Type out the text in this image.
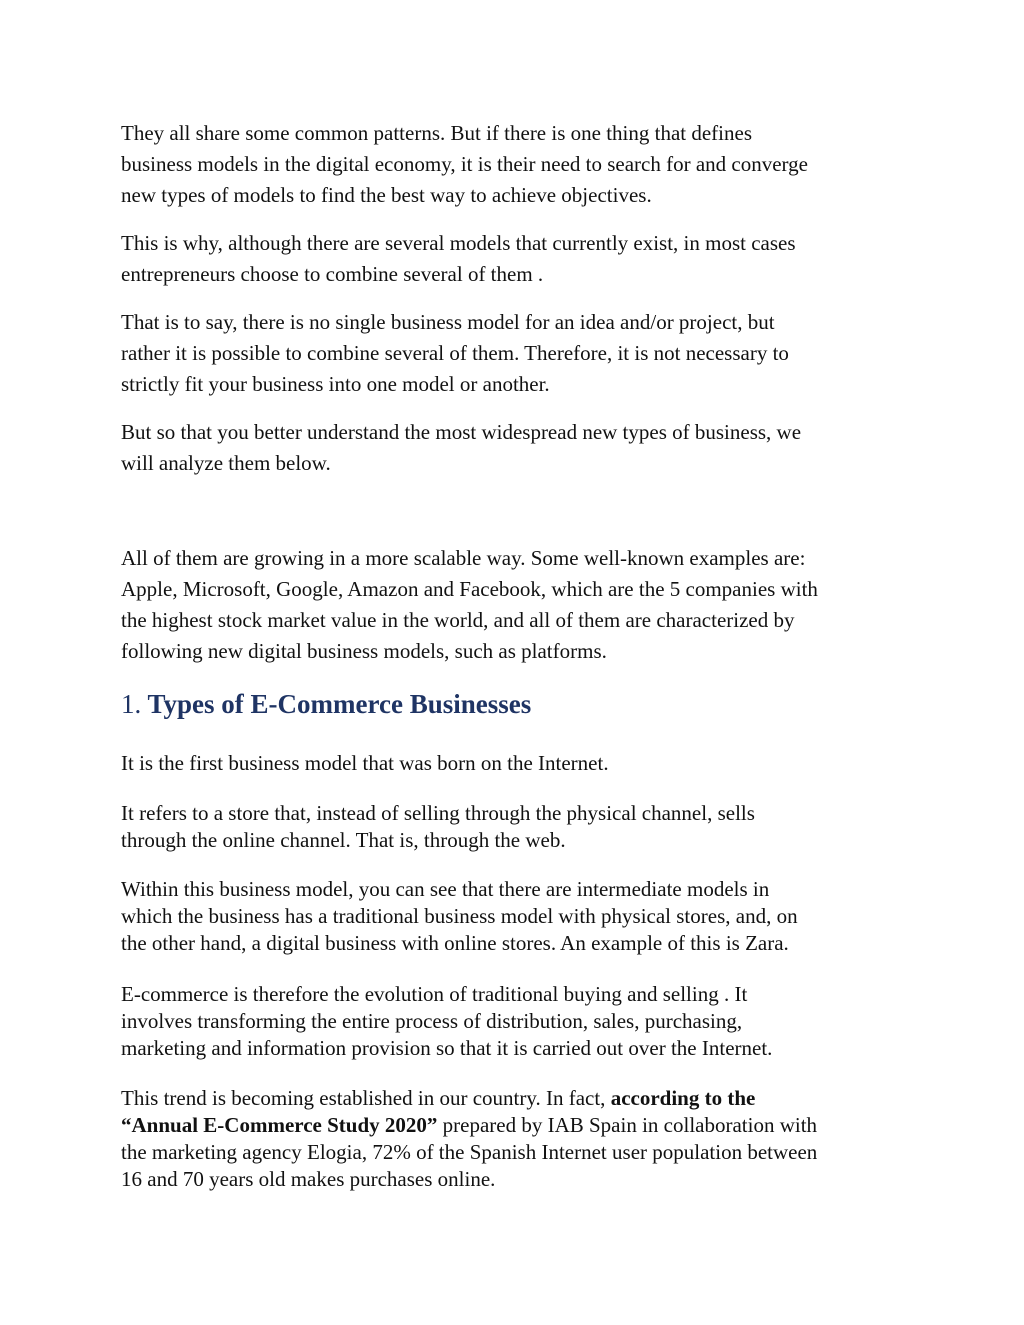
They all share some common patterns. But if there is one thing that defines
business models in the digital economy, it is their need to search for and converge
new types of models to find the best way to achieve objectives.

This is why, although there are several models that currently exist, in most cases
entrepreneurs choose to combine several of them .

That is to say, there is no single business model for an idea and/or project, but
rather it is possible to combine several of them. Therefore, it is not necessary to
strictly fit your business into one model or another.

But so that you better understand the most widespread new types of business, we
will analyze them below.

All of them are growing in a more scalable way. Some well-known examples are:
Apple, Microsoft, Google, Amazon and Facebook, which are the 5 companies with
the highest stock market value in the world, and all of them are characterized by
following new digital business models, such as platforms.

1. Types of E-Commerce Businesses

It is the first business model that was born on the Internet.

It refers to a store that, instead of selling through the physical channel, sells
through the online channel. That is, through the web.

Within this business model, you can see that there are intermediate models in
which the business has a traditional business model with physical stores, and, on
the other hand, a digital business with online stores. An example of this is Zara.

E-commerce is therefore the evolution of traditional buying and selling . It
involves transforming the entire process of distribution, sales, purchasing,
marketing and information provision so that it is carried out over the Internet.

This trend is becoming established in our country. In fact, according to the
“Annual E-Commerce Study 2020” prepared by IAB Spain in collaboration with
the marketing agency Elogia, 72% of the Spanish Internet user population between
16 and 70 years old makes purchases online.
